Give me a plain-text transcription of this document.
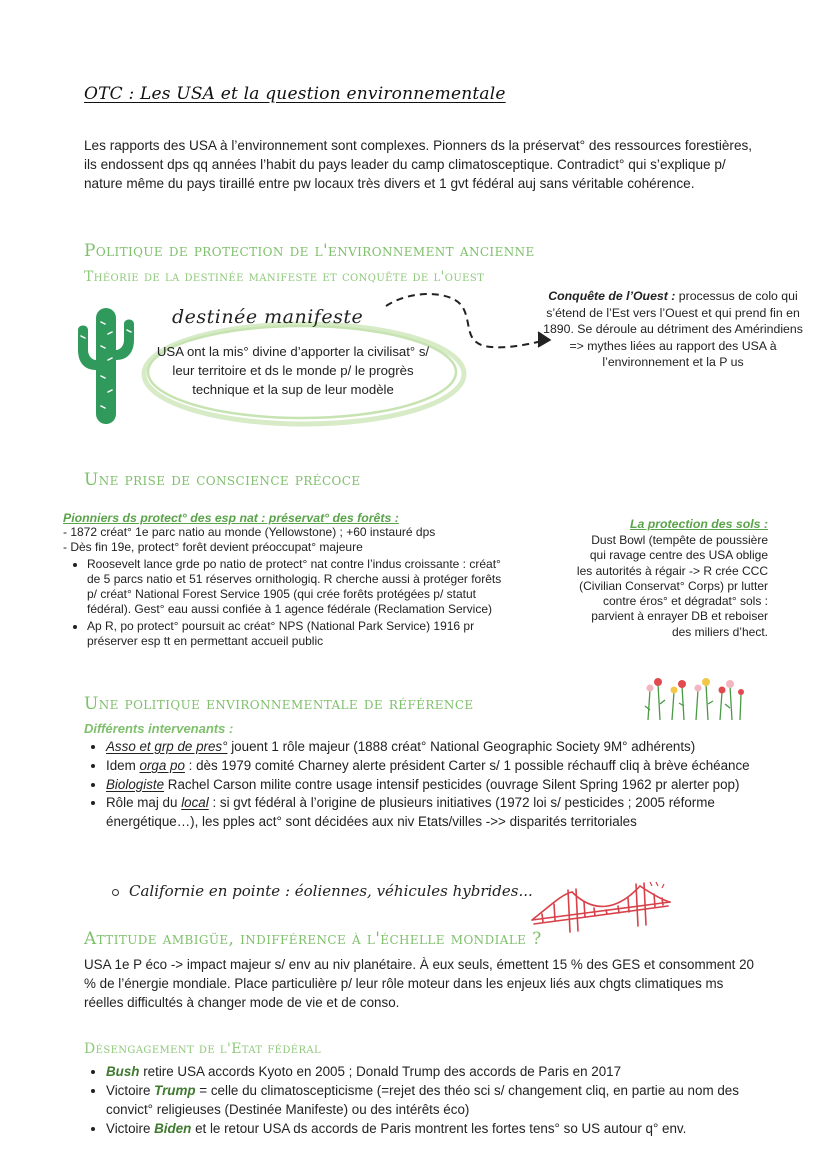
OTC : Les USA et la question environnementale

Les rapports des USA à l’environnement sont complexes. Pionners ds la préservat° des ressources forestières, ils endossent dps qq années l’habit du pays leader du camp climatosceptique. Contradict° qui s’explique p/ nature même du pays tiraillé entre pw locaux très divers et 1 gvt fédéral auj sans véritable cohérence.

Politique de protection de l'environnement ancienne
Théorie de la destinée manifeste et conquête de l'ouest
destinée manifeste
USA ont la mis° divine d’apporter la civilisat° s/ leur territoire et ds le monde p/ le progrès technique et la sup de leur modèle
Conquête de l’Ouest : processus de colo qui s’étend de l’Est vers l’Ouest et qui prend fin en 1890. Se déroule au détriment des Amérindiens
=> mythes liées au rapport des USA à l’environnement et la P us
Une prise de conscience précoce
Pionniers ds protect° des esp nat : préservat° des forêts :
- 1872 créat° 1e parc natio au monde (Yellowstone) ; +60 instauré dps
- Dès fin 19e, protect° forêt devient préoccupat° majeure
• Roosevelt lance grde po natio de protect° nat contre l’indus croissante : créat° de 5 parcs natio et 51 réserves ornithologiq. R cherche aussi à protéger forêts p/ créat° National Forest Service 1905 (qui crée forêts protégées p/ statut fédéral). Gest° eau aussi confiée à 1 agence fédérale (Reclamation Service)
• Ap R, po protect° poursuit ac créat° NPS (National Park Service) 1916 pr préserver esp tt en permettant accueil public
La protection des sols :
Dust Bowl (tempête de poussière qui ravage centre des USA oblige les autorités à régair -> R crée CCC (Civilian Conservat° Corps) pr lutter contre éros° et dégradat° sols : parvient à enrayer DB et reboiser des miliers d’hect.
Une politique environnementale de référence
Différents intervenants :
• Asso et grp de pres° jouent 1 rôle majeur (1888 créat° National Geographic Society 9M° adhérents)
• Idem orga po : dès 1979 comité Charney alerte président Carter s/ 1 possible réchauff cliq à brève échéance
• Biologiste Rachel Carson milite contre usage intensif pesticides (ouvrage Silent Spring 1962 pr alerter pop)
• Rôle maj du local : si gvt fédéral à l’origine de plusieurs initiatives (1972 loi s/ pesticides ; 2005 réforme énergétique…), les pples act° sont décidées aux niv Etats/villes ->> disparités territoriales
Californie en pointe : éoliennes, véhicules hybrides...
Attitude ambigüe, indifférence à l'échelle mondiale ?

USA 1e P éco -> impact majeur s/ env au niv planétaire. À eux seuls, émettent 15 % des GES et consomment 20 % de l’énergie mondiale. Place particulière p/ leur rôle moteur dans les enjeux liés aux chgts climatiques ms réelles difficultés à changer mode de vie et de conso.

Désengagement de l'Etat fédéral
• Bush retire USA accords Kyoto en 2005 ; Donald Trump des accords de Paris en 2017
• Victoire Trump = celle du climatoscepticisme (=rejet des théo sci s/ changement cliq, en partie au nom des convict° religieuses (Destinée Manifeste) ou des intérêts éco)
• Victoire Biden et le retour USA ds accords de Paris montrent les fortes tens° so US autour q° env.
